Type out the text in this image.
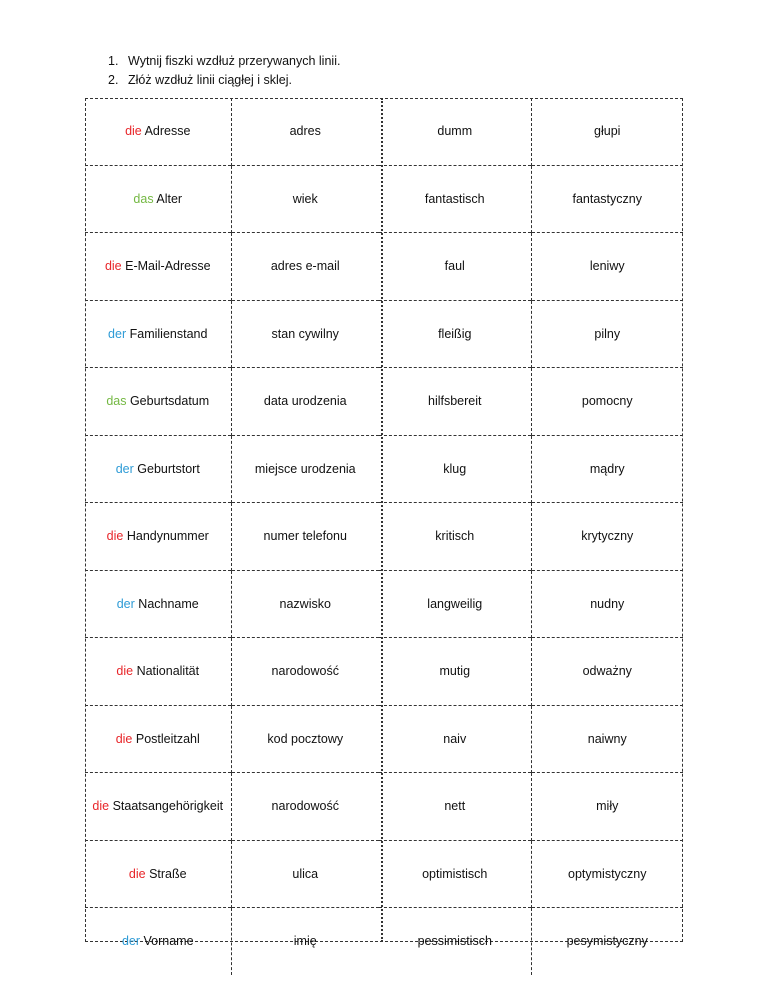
1. Wytnij fiszki wzdłuż przerywanych linii.
2. Złóż wzdłuż linii ciągłej i sklej.
die Adresse	adres	dumm	głupi
das Alter	wiek	fantastisch	fantastyczny
die E-Mail-Adresse	adres e-mail	faul	leniwy
der Familienstand	stan cywilny	fleißig	pilny
das Geburtsdatum	data urodzenia	hilfsbereit	pomocny
der Geburtstort	miejsce urodzenia	klug	mądry
die Handynummer	numer telefonu	kritisch	krytyczny
der Nachname	nazwisko	langweilig	nudny
die Nationalität	narodowość	mutig	odważny
die Postleitzahl	kod pocztowy	naiv	naiwny
die Staatsangehörigkeit	narodowość	nett	miły
die Straße	ulica	optimistisch	optymistyczny
der Vorname	imię	pessimistisch	pesymistyczny
